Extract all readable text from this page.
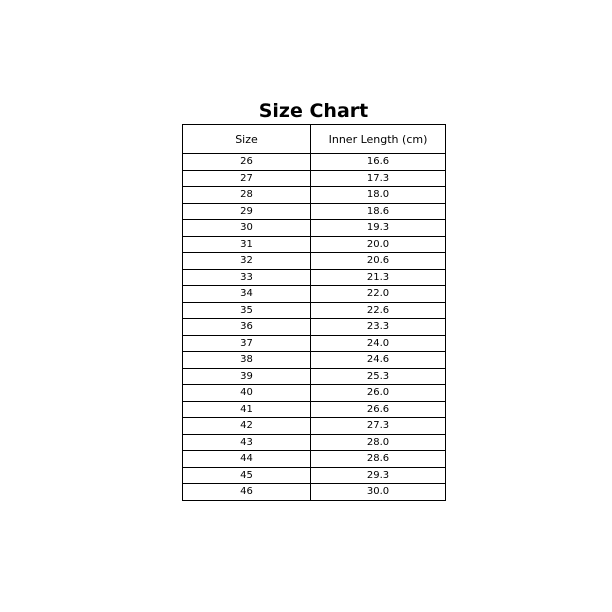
Size Chart
Size	Inner Length (cm)
26	16.6
27	17.3
28	18.0
29	18.6
30	19.3
31	20.0
32	20.6
33	21.3
34	22.0
35	22.6
36	23.3
37	24.0
38	24.6
39	25.3
40	26.0
41	26.6
42	27.3
43	28.0
44	28.6
45	29.3
46	30.0
